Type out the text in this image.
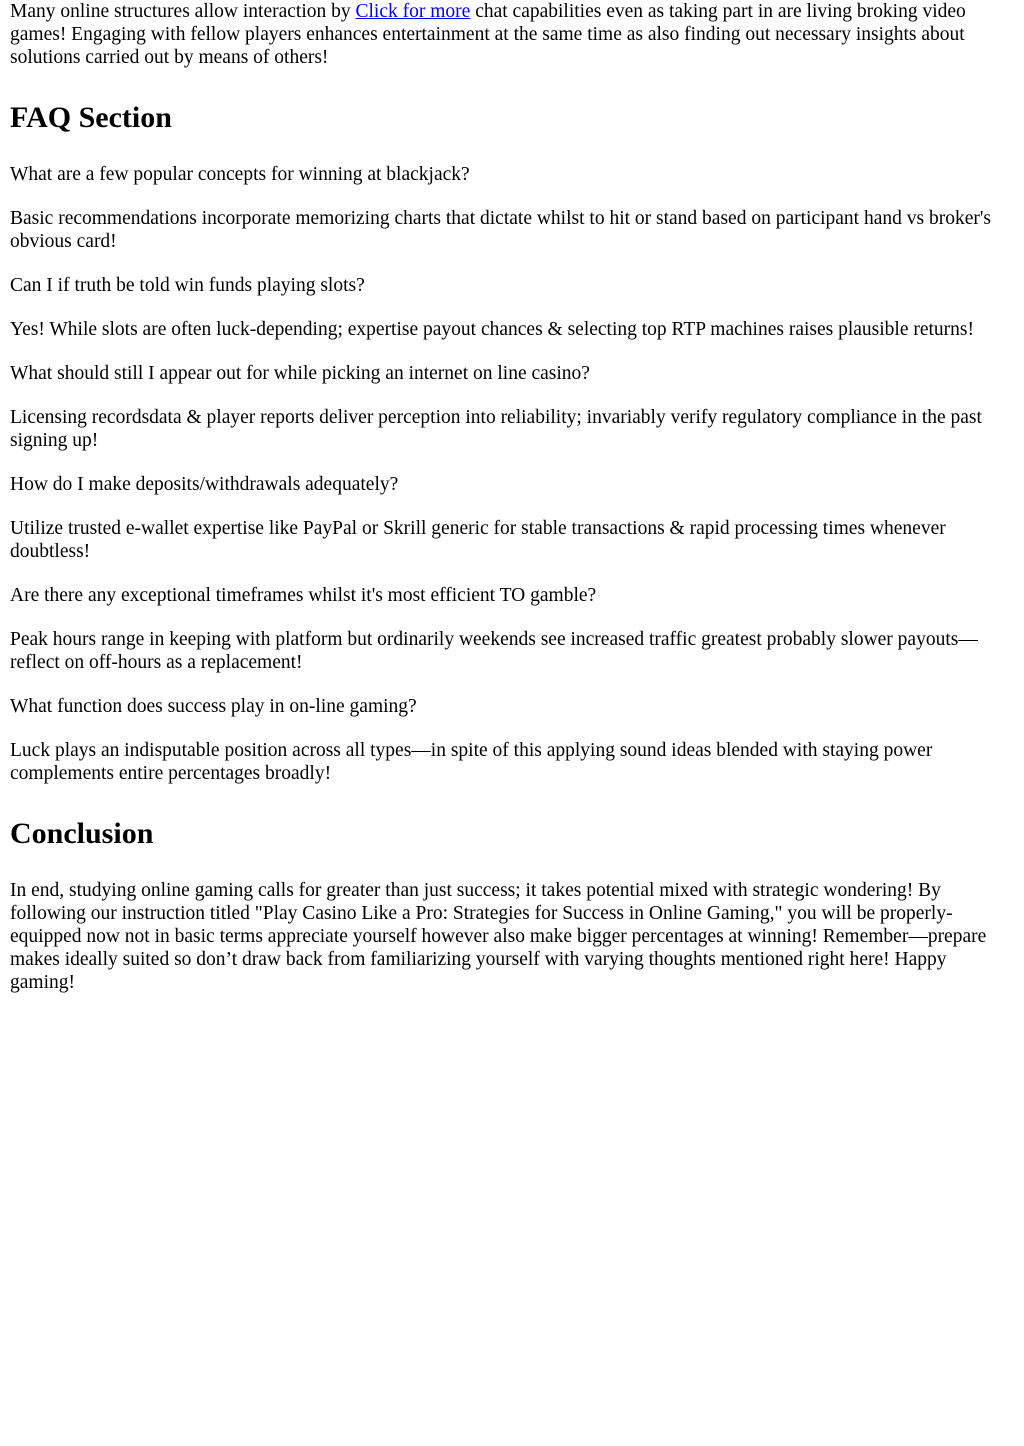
Many online structures allow interaction by Click for more chat capabilities even as taking part in are living broking video games! Engaging with fellow players enhances entertainment at the same time as also finding out necessary insights about solutions carried out by means of others!

FAQ Section

What are a few popular concepts for winning at blackjack?

Basic recommendations incorporate memorizing charts that dictate whilst to hit or stand based on participant hand vs broker's obvious card!

Can I if truth be told win funds playing slots?

Yes! While slots are often luck-depending; expertise payout chances & selecting top RTP machines raises plausible returns!

What should still I appear out for while picking an internet on line casino?

Licensing recordsdata & player reports deliver perception into reliability; invariably verify regulatory compliance in the past signing up!

How do I make deposits/withdrawals adequately?

Utilize trusted e-wallet expertise like PayPal or Skrill generic for stable transactions & rapid processing times whenever doubtless!

Are there any exceptional timeframes whilst it's most efficient TO gamble?

Peak hours range in keeping with platform but ordinarily weekends see increased traffic greatest probably slower payouts—reflect on off-hours as a replacement!

What function does success play in on-line gaming?

Luck plays an indisputable position across all types—in spite of this applying sound ideas blended with staying power complements entire percentages broadly!

Conclusion

In end, studying online gaming calls for greater than just success; it takes potential mixed with strategic wondering! By following our instruction titled "Play Casino Like a Pro: Strategies for Success in Online Gaming," you will be properly-equipped now not in basic terms appreciate yourself however also make bigger percentages at winning! Remember—prepare makes ideally suited so don’t draw back from familiarizing yourself with varying thoughts mentioned right here! Happy gaming!
